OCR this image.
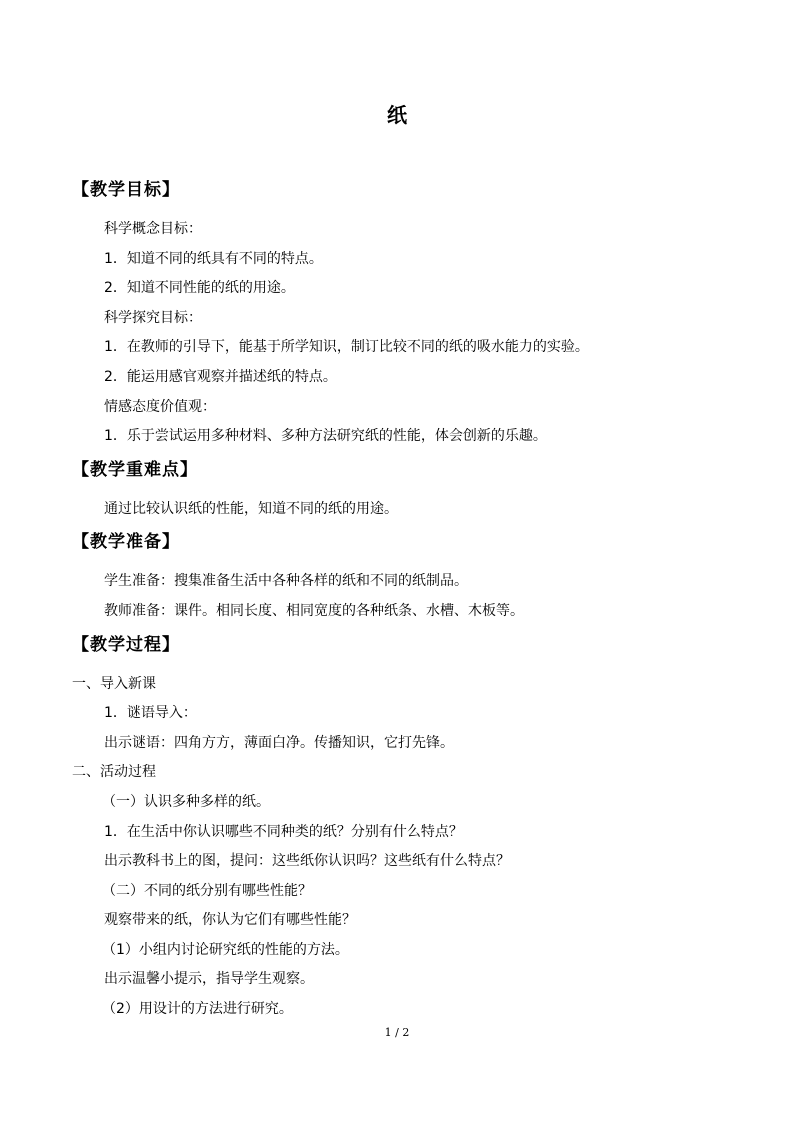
纸
【教学目标】
科学概念目标：
1．知道不同的纸具有不同的特点。
2．知道不同性能的纸的用途。
科学探究目标：
1．在教师的引导下，能基于所学知识，制订比较不同的纸的吸水能力的实验。
2．能运用感官观察并描述纸的特点。
情感态度价值观：
1．乐于尝试运用多种材料、多种方法研究纸的性能，体会创新的乐趣。
【教学重难点】
通过比较认识纸的性能，知道不同的纸的用途。
【教学准备】
学生准备：搜集准备生活中各种各样的纸和不同的纸制品。
教师准备：课件。相同长度、相同宽度的各种纸条、水槽、木板等。
【教学过程】
一、导入新课
1．谜语导入：
出示谜语：四角方方，薄面白净。传播知识，它打先锋。
二、活动过程
（一）认识多种多样的纸。
1．在生活中你认识哪些不同种类的纸？分别有什么特点？
出示教科书上的图，提问：这些纸你认识吗？这些纸有什么特点？
（二）不同的纸分别有哪些性能？
观察带来的纸，你认为它们有哪些性能？
（1）小组内讨论研究纸的性能的方法。
出示温馨小提示，指导学生观察。
（2）用设计的方法进行研究。
1 / 2
